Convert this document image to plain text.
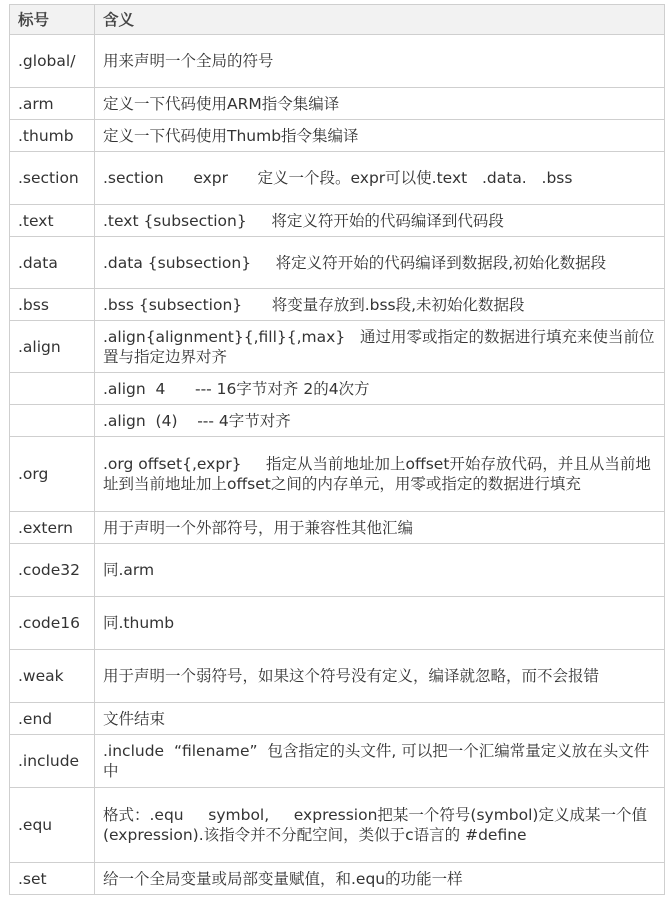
标号	含义
.global/	用来声明一个全局的符号
.arm	定义一下代码使用ARM指令集编译
.thumb	定义一下代码使用Thumb指令集编译
.section	.section      expr      定义一个段。expr可以使.text   .data.   .bss
.text	.text {subsection}     将定义符开始的代码编译到代码段
.data	.data {subsection}     将定义符开始的代码编译到数据段,初始化数据段
.bss	.bss {subsection}      将变量存放到.bss段,未初始化数据段
.align	.align{alignment}{,fill}{,max}   通过用零或指定的数据进行填充来使当前位置与指定边界对齐
	.align  4      --- 16字节对齐 2的4次方
	.align  (4)    --- 4字节对齐
.org	.org offset{,expr}     指定从当前地址加上offset开始存放代码，并且从当前地址到当前地址加上offset之间的内存单元，用零或指定的数据进行填充
.extern	用于声明一个外部符号，用于兼容性其他汇编
.code32	同.arm
.code16	同.thumb
.weak	用于声明一个弱符号，如果这个符号没有定义，编译就忽略，而不会报错
.end	文件结束
.include	.include  “filename”  包含指定的头文件, 可以把一个汇编常量定义放在头文件中
.equ	格式：.equ     symbol,     expression把某一个符号(symbol)定义成某一个值(expression).该指令并不分配空间，类似于c语言的 #define
.set	给一个全局变量或局部变量赋值，和.equ的功能一样
